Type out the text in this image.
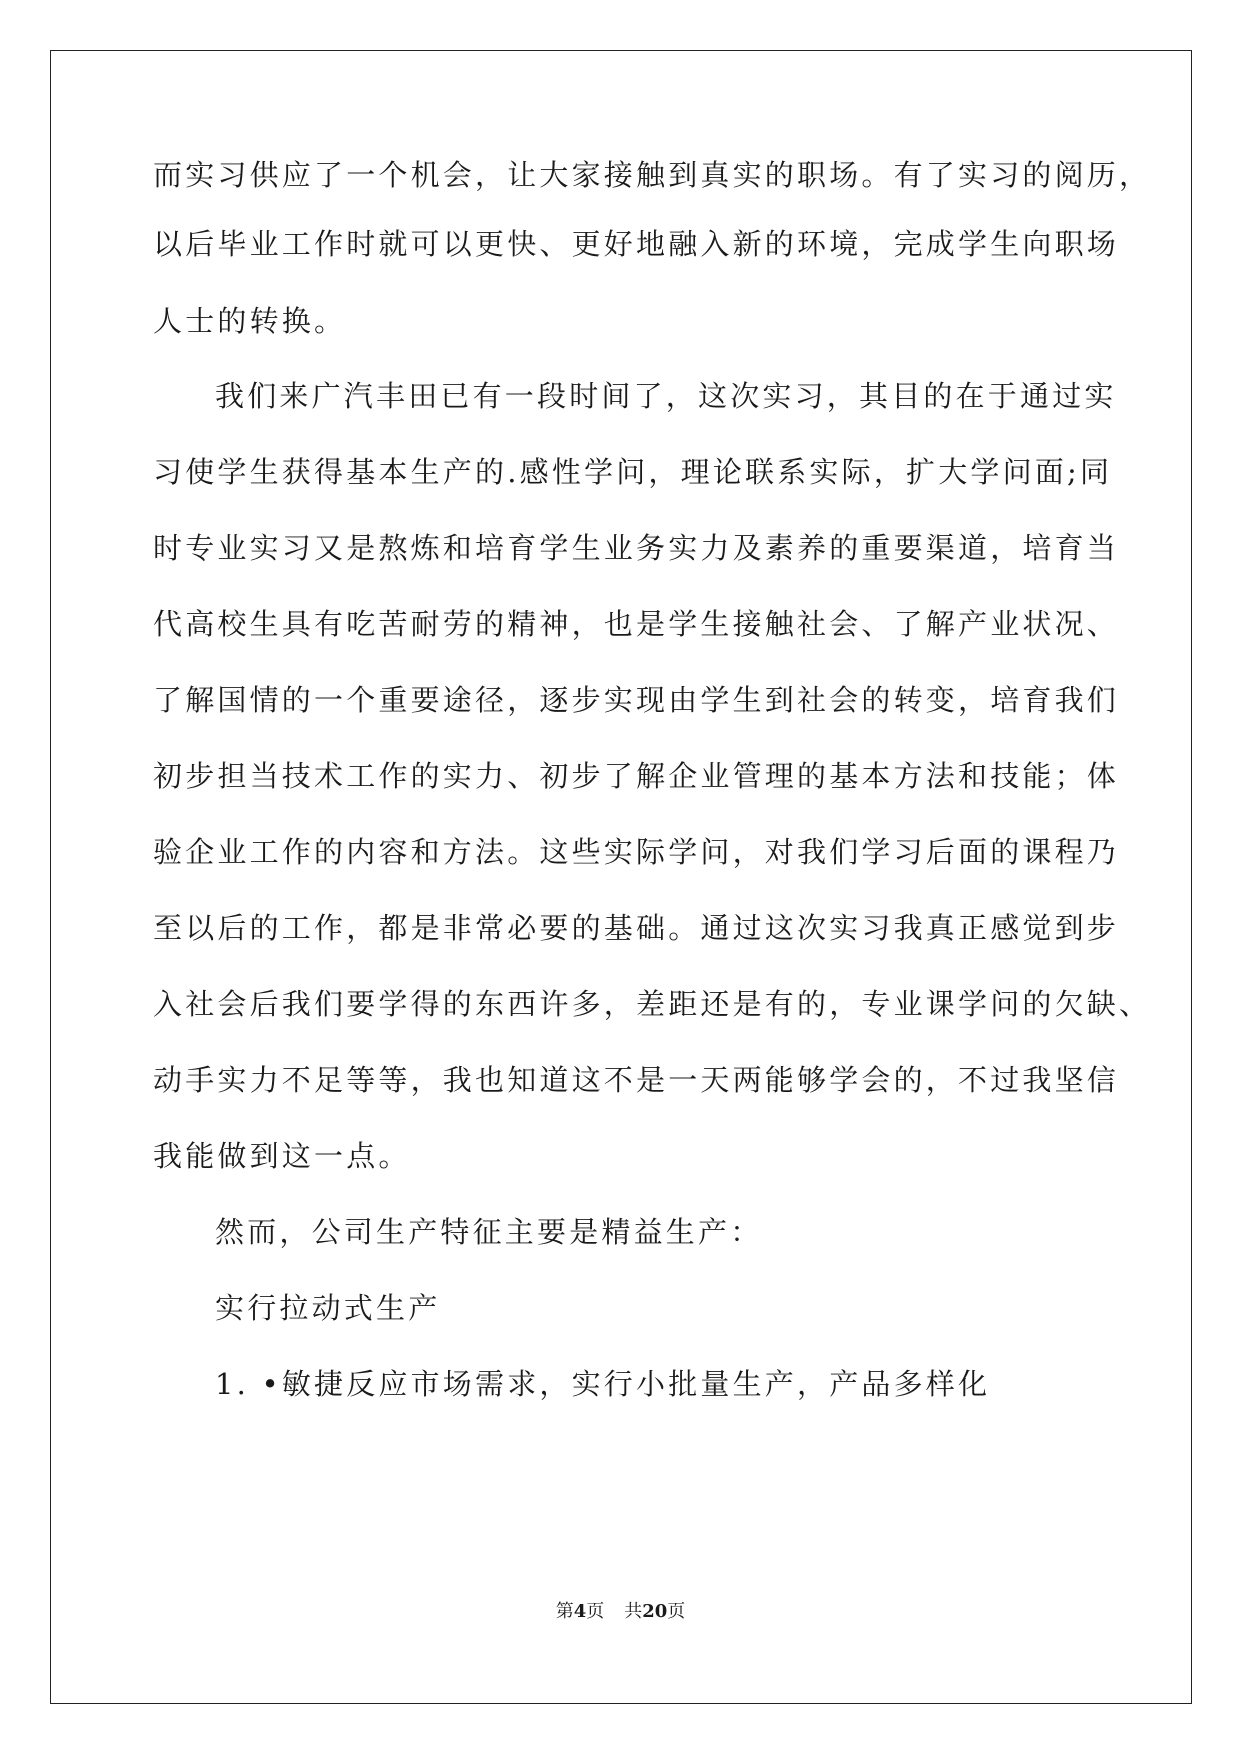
而实习供应了一个机会，让大家接触到真实的职场。有了实习的阅历，
以后毕业工作时就可以更快、更好地融入新的环境，完成学生向职场
人士的转换。
我们来广汽丰田已有一段时间了，这次实习，其目的在于通过实
习使学生获得基本生产的.感性学问，理论联系实际，扩大学问面;同
时专业实习又是熬炼和培育学生业务实力及素养的重要渠道，培育当
代高校生具有吃苦耐劳的精神，也是学生接触社会、了解产业状况、
了解国情的一个重要途径，逐步实现由学生到社会的转变，培育我们
初步担当技术工作的实力、初步了解企业管理的基本方法和技能；体
验企业工作的内容和方法。这些实际学问，对我们学习后面的课程乃
至以后的工作，都是非常必要的基础。通过这次实习我真正感觉到步
入社会后我们要学得的东西许多，差距还是有的，专业课学问的欠缺、
动手实力不足等等，我也知道这不是一天两能够学会的，不过我坚信
我能做到这一点。
然而，公司生产特征主要是精益生产：
实行拉动式生产
1. •敏捷反应市场需求，实行小批量生产，产品多样化
第4页 共20页
